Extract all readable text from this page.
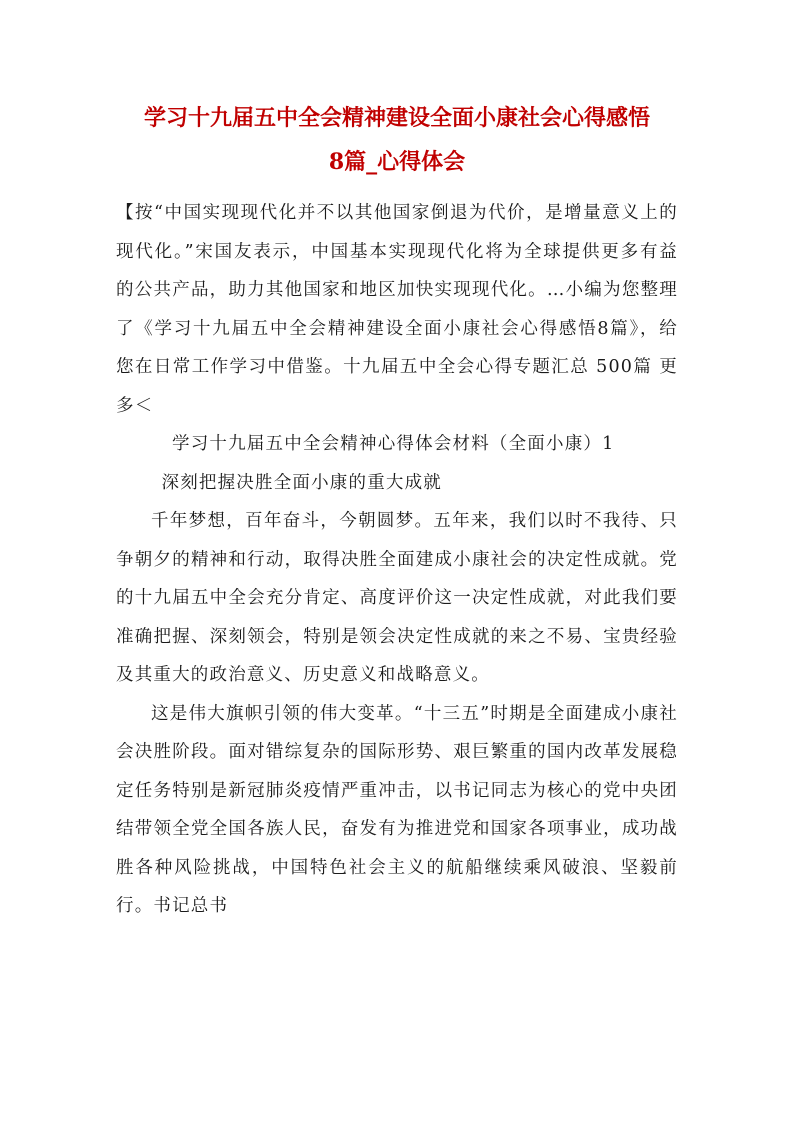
学习十九届五中全会精神建设全面小康社会心得感悟
8篇_心得体会

【按“中国实现现代化并不以其他国家倒退为代价，是增量意义上的现代化。”宋国友表示，中国基本实现现代化将为全球提供更多有益的公共产品，助力其他国家和地区加快实现现代化。…小编为您整理了《学习十九届五中全会精神建设全面小康社会心得感悟8篇》，给您在日常工作学习中借鉴。十九届五中全会心得专题汇总 500篇 更多＜

学习十九届五中全会精神心得体会材料（全面小康）1

深刻把握决胜全面小康的重大成就

千年梦想，百年奋斗，今朝圆梦。五年来，我们以时不我待、只争朝夕的精神和行动，取得决胜全面建成小康社会的决定性成就。党的十九届五中全会充分肯定、高度评价这一决定性成就，对此我们要准确把握、深刻领会，特别是领会决定性成就的来之不易、宝贵经验及其重大的政治意义、历史意义和战略意义。

这是伟大旗帜引领的伟大变革。“十三五”时期是全面建成小康社会决胜阶段。面对错综复杂的国际形势、艰巨繁重的国内改革发展稳定任务特别是新冠肺炎疫情严重冲击，以书记同志为核心的党中央团结带领全党全国各族人民，奋发有为推进党和国家各项事业，成功战胜各种风险挑战，中国特色社会主义的航船继续乘风破浪、坚毅前行。书记总书
